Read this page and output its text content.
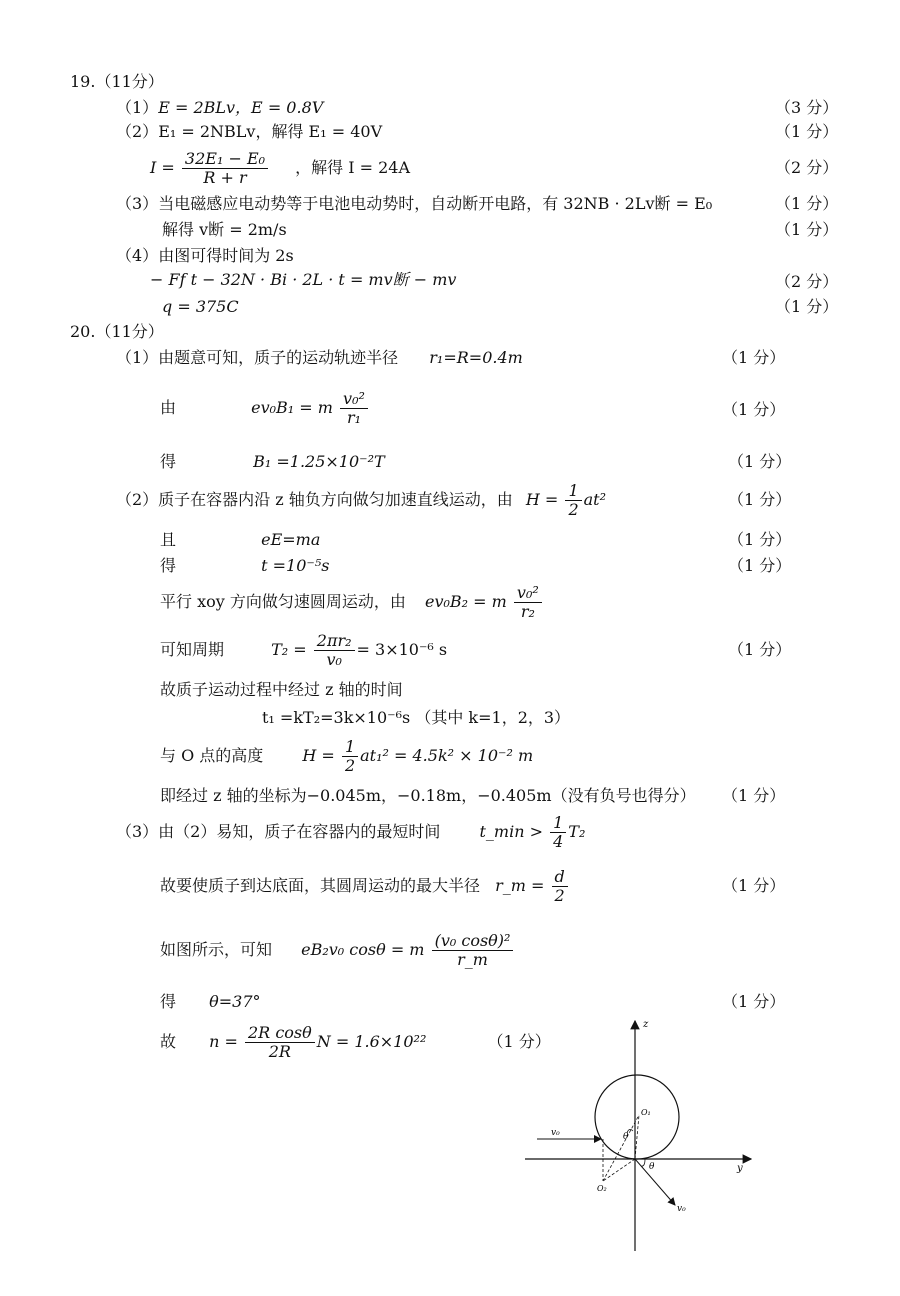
19.（11分）
（1）E = 2BLv，E = 0.8V	（3 分）
（2）E₁ = 2NBLv，解得 E₁ = 40V	（1 分）
$I = \frac{\text{32E₁ − E₀}}{R + r}$ ，解得 I = 24A	（2 分）
（3）当电磁感应电动势等于电池电动势时，自动断开电路，有 32NB · 2Lv断 = E₀	（1 分）
解得 v断 = 2m/s	（1 分）
（4）由图可得时间为 2s
− Ff t − 32N · Bi · 2L · t = mv断 − mv	（2 分）
q = 375C	（1 分）
20.（11分）
（1）由题意可知，质子的运动轨迹半径 r₁=R=0.4m	（1 分）
由	ev₀B₁ = m $\frac{\text{v₀²}}{\text{r₁}}$	（1 分）
得	B₁ =1.25×10⁻²T	（1 分）
（2）质子在容器内沿 z 轴负方向做匀加速直线运动，由 $H = \frac{1}{2} at^2$	（1 分）
且	eE=ma	（1 分）
得	t =10⁻⁵s	（1 分）
平行 xoy 方向做匀速圆周运动，由 ev₀B₂ = m $\frac{\text{v₀²}}{\text{r₂}}$
可知周期	$T_2 = \frac{\text{2πr₂}}{\text{v₀}} = 3\times 10^{-6}$ s	（1 分）
故质子运动过程中经过 z 轴的时间
t₁ =kT₂=3k×10⁻⁶s （其中 k=1，2，3）
与 O 点的高度 $H = \frac{1}{2} at_1^2 = 4.5k^2 \times 10^{-2}$ m
即经过 z 轴的坐标为−0.045m，−0.18m，−0.405m（没有负号也得分） （1 分）
（3）由（2）易知，质子在容器内的最短时间 t_min > $\frac{1}{4} T_2$
故要使质子到达底面，其圆周运动的最大半径 r_m = $\frac{d}{2}$	（1 分）
如图所示，可知 eB₂v₀ cosθ = m $\frac{\text{(v₀ cosθ)²}}{r\_m}$
得 θ=37°	（1 分）
故 $n = \frac{\text{2R cosθ}}{2R}$ N = 1.6×10²²	（1 分）
z
y
v₀
v₀
O₁
O₂
θ
θ
